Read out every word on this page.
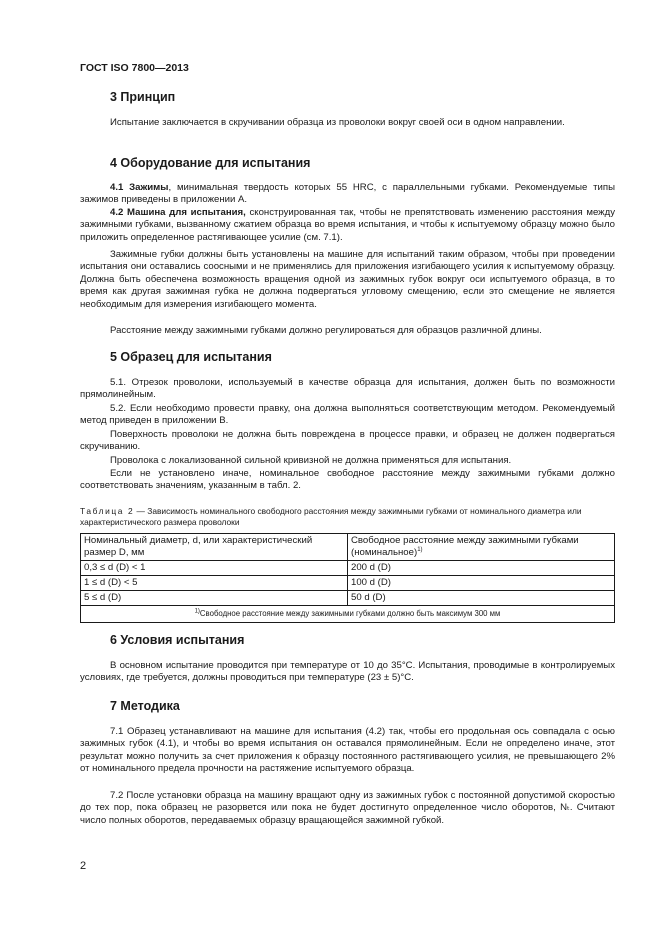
ГОСТ ISO 7800—2013
3 Принцип

Испытание заключается в скручивании образца из проволоки вокруг своей оси в одном направлении.

4 Оборудование для испытания

4.1 Зажимы, минимальная твердость которых 55 HRC, с параллельными губками. Рекомендуемые типы зажимов приведены в приложении А.

4.2 Машина для испытания, сконструированная так, чтобы не препятствовать изменению расстояния между зажимными губками, вызванному сжатием образца во время испытания, и чтобы к испытуемому образцу можно было приложить определенное растягивающее усилие (см. 7.1).

Зажимные губки должны быть установлены на машине для испытаний таким образом, чтобы при проведении испытания они оставались соосными и не применялись для приложения изгибающего усилия к испытуемому образцу. Должна быть обеспечена возможность вращения одной из зажимных губок вокруг оси испытуемого образца, в то время как другая зажимная губка не должна подвергаться угловому смещению, если это смещение не является необходимым для измерения изгибающего момента.

Расстояние между зажимными губками должно регулироваться для образцов различной длины.

5 Образец для испытания

5.1. Отрезок проволоки, используемый в качестве образца для испытания, должен быть по возможности прямолинейным.

5.2. Если необходимо провести правку, она должна выполняться соответствующим методом. Рекомендуемый метод приведен в приложении В.

Поверхность проволоки не должна быть повреждена в процессе правки, и образец не должен подвергаться скручиванию.

Проволока с локализованной сильной кривизной не должна применяться для испытания.

Если не установлено иначе, номинальное свободное расстояние между зажимными губками должно соответствовать значениям, указанным в табл. 2.

Таблица 2 — Зависимость номинального свободного расстояния между зажимными губками от номинального диаметра или характеристического размера проволоки

Номинальный диаметр, d, или характеристический размер D, мм	Свободное расстояние между зажимными губками (номинальное)$^{1)}$
0,3 ≤ d (D) < 1	200 d (D)
1 ≤ d (D) < 5	100 d (D)
5 ≤ d (D)	50 d (D)
$^{1)}$Свободное расстояние между зажимными губками должно быть максимум 300 мм	
6 Условия испытания

В основном испытание проводится при температуре от 10 до 35°С. Испытания, проводимые в контролируемых условиях, где требуется, должны проводиться при температуре (23 ± 5)°С.

7 Методика

7.1 Образец устанавливают на машине для испытания (4.2) так, чтобы его продольная ось совпадала с осью зажимных губок (4.1), и чтобы во время испытания он оставался прямолинейным. Если не определено иначе, этот результат можно получить за счет приложения к образцу постоянного растягивающего усилия, не превышающего 2% от номинального предела прочности на растяжение испытуемого образца.

7.2 После установки образца на машину вращают одну из зажимных губок с постоянной допустимой скоростью до тех пор, пока образец не разорвется или пока не будет достигнуто определенное число оборотов, Nₜ. Считают число полных оборотов, передаваемых образцу вращающейся зажимной губкой.

2
